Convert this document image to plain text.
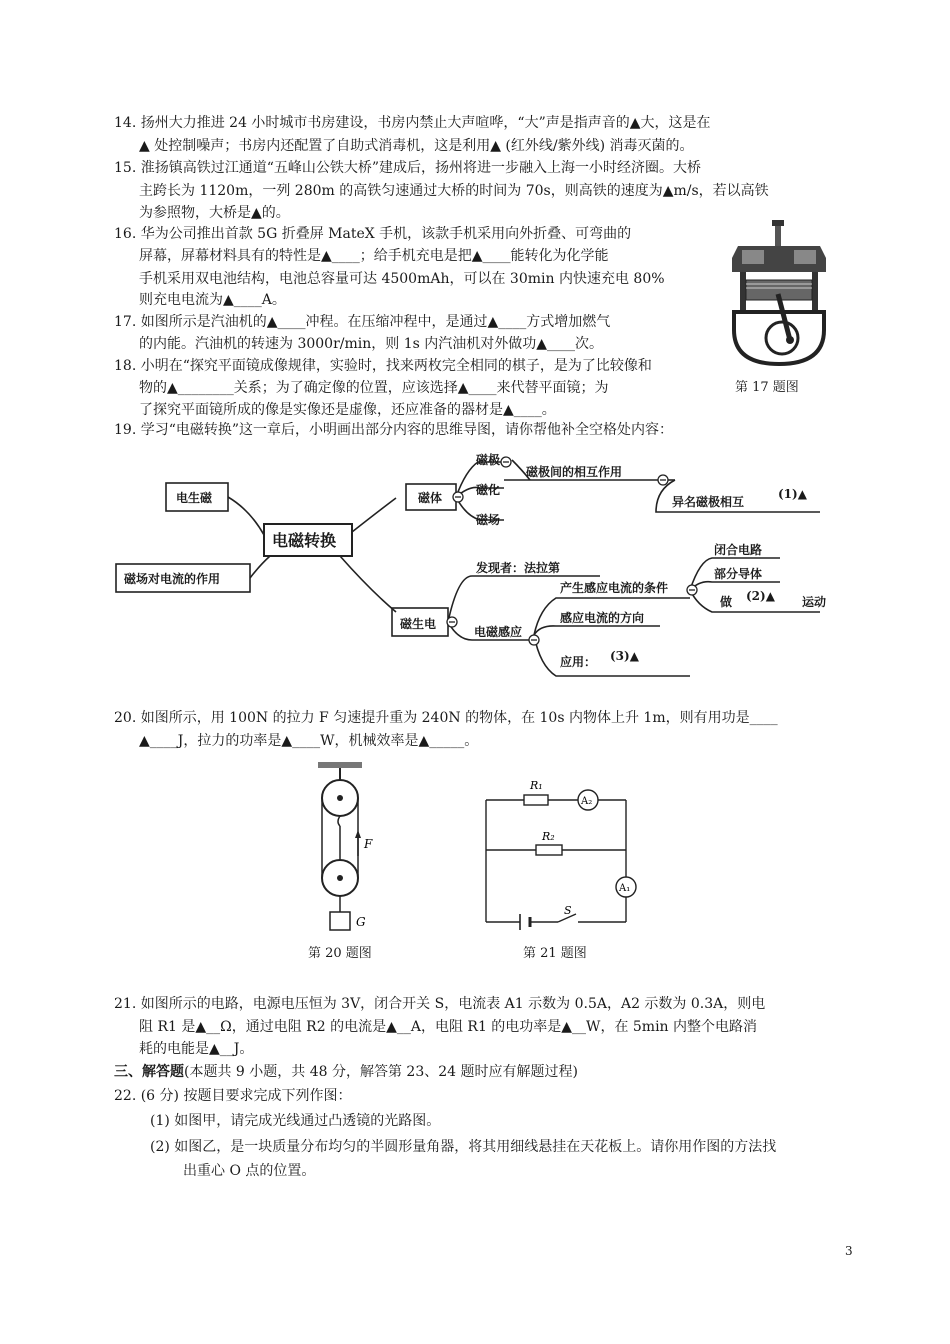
14. 扬州大力推进 24 小时城市书房建设，书房内禁止大声喧哗，“大”声是指声音的▲大，这是在
▲ 处控制噪声；书房内还配置了自助式消毒机，这是利用▲ (红外线/紫外线) 消毒灭菌的。
15. 淮扬镇高铁过江通道“五峰山公铁大桥”建成后，扬州将进一步融入上海一小时经济圈。大桥
主跨长为 1120m，一列 280m 的高铁匀速通过大桥的时间为 70s，则高铁的速度为▲m/s，若以高铁
为参照物，大桥是▲的。
16. 华为公司推出首款 5G 折叠屏 MateX 手机，该款手机采用向外折叠、可弯曲的
屏幕，屏幕材料具有的特性是▲____；给手机充电是把▲____能转化为化学能
手机采用双电池结构，电池总容量可达 4500mAh，可以在 30min 内快速充电 80%
则充电电流为▲____A。
17. 如图所示是汽油机的▲____冲程。在压缩冲程中，是通过▲____方式增加燃气
的内能。汽油机的转速为 3000r/min，则 1s 内汽油机对外做功▲____次。
18. 小明在“探究平面镜成像规律，实验时，找来两枚完全相同的棋子，是为了比较像和
物的▲________关系；为了确定像的位置，应该选择▲____来代替平面镜；为
了探究平面镜所成的像是实像还是虚像，还应准备的器材是▲____。
第 17 题图
19. 学习“电磁转换”这一章后，小明画出部分内容的思维导图，请你帮他补全空格处内容：
电生磁
磁场对电流的作用
电磁转换
磁体
磁极
磁化
磁场
磁极间的相互作用
异名磁极相互
(1)▲
磁生电
发现者：法拉第
电磁感应
产生感应电流的条件
闭合电路
部分导体
做 (2)▲ 运动
感应电流的方向
应用： (3)▲
20. 如图所示，用 100N 的拉力 F 匀速提升重为 240N 的物体，在 10s 内物体上升 1m，则有用功是____
▲____J，拉力的功率是▲____W，机械效率是▲_____。
F
G
第 20 题图
R₁
R₂
A₂
A₁
S
第 21 题图
21. 如图所示的电路，电源电压恒为 3V，闭合开关 S，电流表 A1 示数为 0.5A，A2 示数为 0.3A，则电
阻 R1 是▲__Ω，通过电阻 R2 的电流是▲__A，电阻 R1 的电功率是▲__W，在 5min 内整个电路消
耗的电能是▲__J。
三、解答题(本题共 9 小题，共 48 分，解答第 23、24 题时应有解题过程)
22. (6 分) 按题目要求完成下列作图：
(1) 如图甲，请完成光线通过凸透镜的光路图。
(2) 如图乙，是一块质量分布均匀的半圆形量角器，将其用细线悬挂在天花板上。请你用作图的方法找
出重心 O 点的位置。
3
